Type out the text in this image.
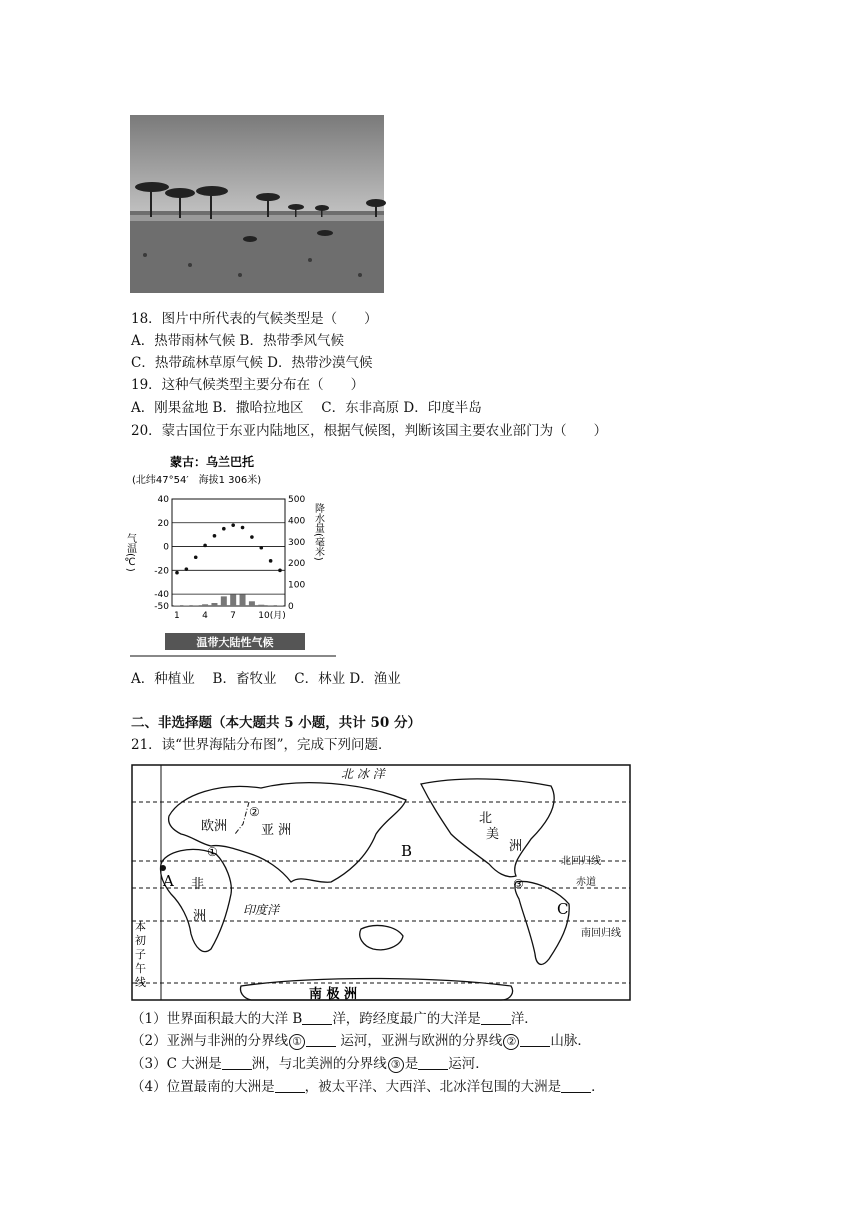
18．图片中所代表的气候类型是（　　）
A．热带雨林气候 B．热带季风气候
C．热带疏林草原气候 D．热带沙漠气候
19．这种气候类型主要分布在（　　）
A．刚果盆地 B．撒哈拉地区　 C．东非高原 D．印度半岛
20．蒙古国位于东亚内陆地区，根据气候图，判断该国主要农业部门为（　　）
蒙古：乌兰巴托
(北纬47°54′　海拔1 306米)
气温(℃)	降水量(毫米)
40
20
0
-20
-40
-50
500
400
300
200
100
0
1 4 7 10(月)
温带大陆性气候
A．种植业　 B．畜牧业　 C．林业 D．渔业
二、非选择题（本大题共 5 小题，共计 50 分）
21．读“世界海陆分布图”，完成下列问题．
北 冰 洋
欧洲	亚 洲
B
北
美
洲
北回归线
赤道
A 非
洲	印度洋	C
南回归线
本
初
子
午
线
南 极 洲
①
②
③
（1）世界面积最大的大洋 B 洋，跨经度最广的大洋是 洋．
（2）亚洲与非洲的分界线 ①	运河，亚洲与欧洲的分界线 ②	山脉．
（3）C 大洲是 洲，与北美洲的分界线 ③ 是 运河．
（4）位置最南的大洲是 ，被太平洋、大西洋、北冰洋包围的大洲是 ．
